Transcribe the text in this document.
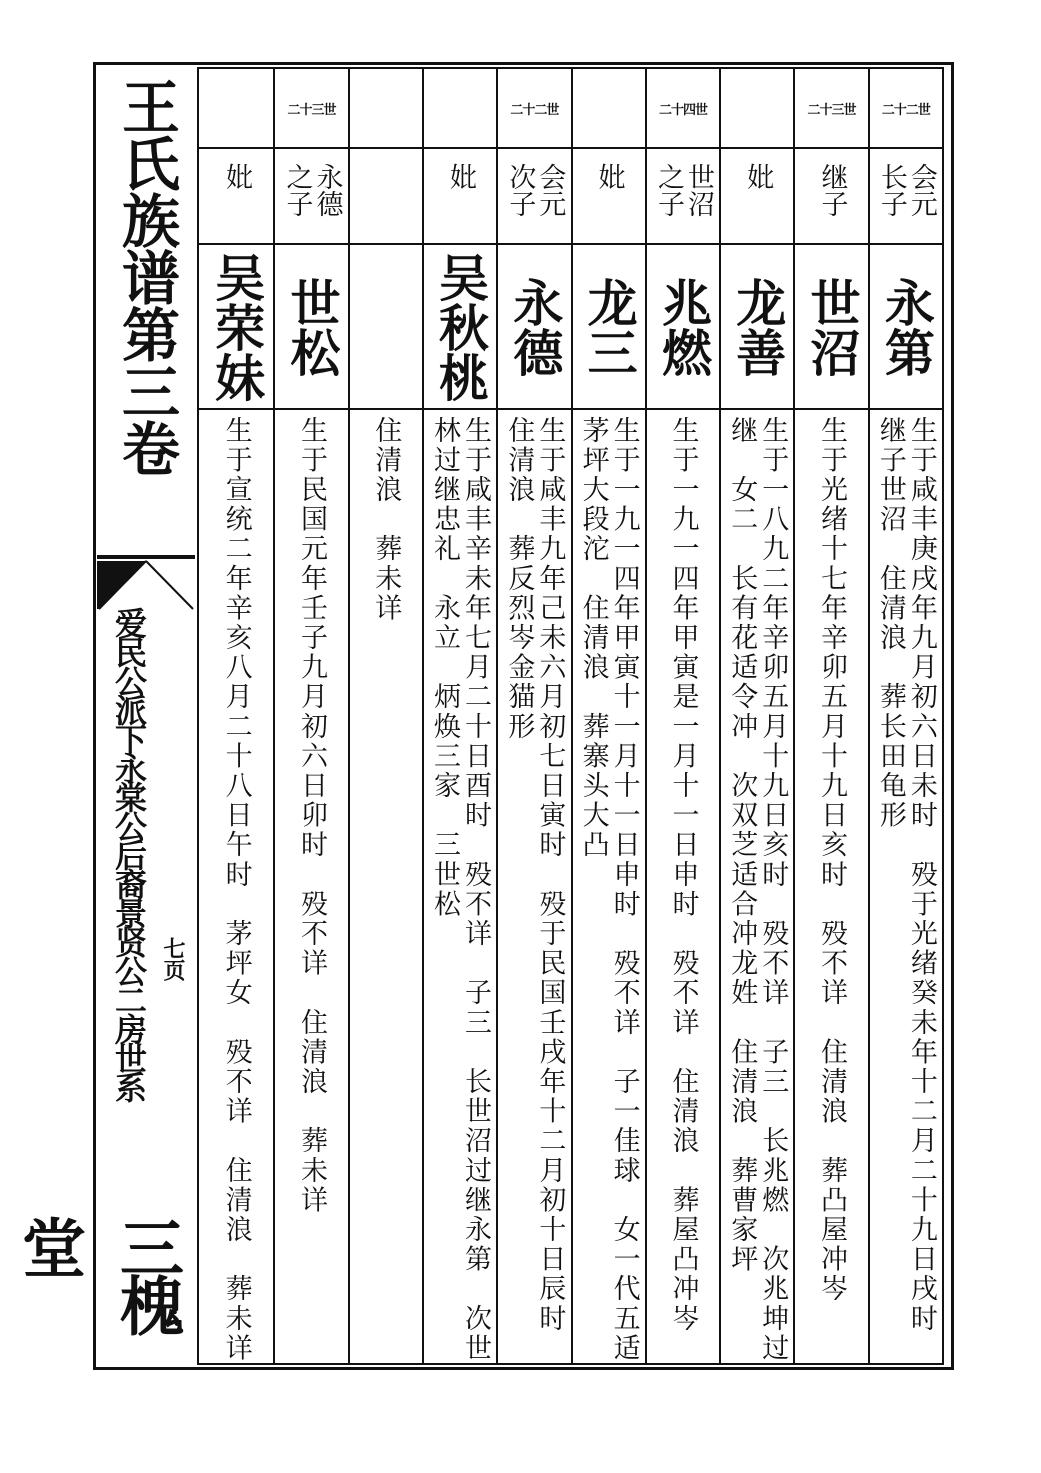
王氏族谱第三卷
爱民公派下永棠公后裔景贤公二房世系 七页
三槐堂
妣
吴荣妹
生于宣统二年辛亥八月二十八日午时　茅坪女　殁不详　住清浪　葬未详
二十三世
永德 之子
世松
生于民国元年壬子九月初六日卯时　殁不详　住清浪　葬未详 住清浪　葬未详
妣
吴秋桃
生于咸丰辛未年七月二十日酉时　殁不详　子三　长世沼过继永第　次世
林过继忠礼　永立　炳焕三家　三世松
二十二世
会元 次子
永德
生于咸丰九年己未六月初七日寅时　殁于民国壬戌年十二月初十日辰时
住清浪　葬反烈岑金猫形
妣
龙三
生于一九一四年甲寅十一月十一日申时　殁不详　子一佳球　女一代五适
茅坪大段沱　住清浪　葬寨头大凸
二十四世
世沼 之子
兆燃
生于一九一四年甲寅是一月十一日申时　殁不详　住清浪　葬屋凸冲岑
妣
龙善
生于一八九二年辛卯五月十九日亥时　殁不详　子三　长兆燃　次兆坤过
继　女二　长有花适令冲　次双芝适合冲龙姓　住清浪　葬曹家坪
二十三世
继子
世沼
生于光绪十七年辛卯五月十九日亥时　殁不详　住清浪　葬凸屋冲岑
二十二世
会元 长子
永第
生于咸丰庚戌年九月初六日未时　殁于光绪癸未年十二月二十九日戌时
继子世沼　住清浪　葬长田龟形
